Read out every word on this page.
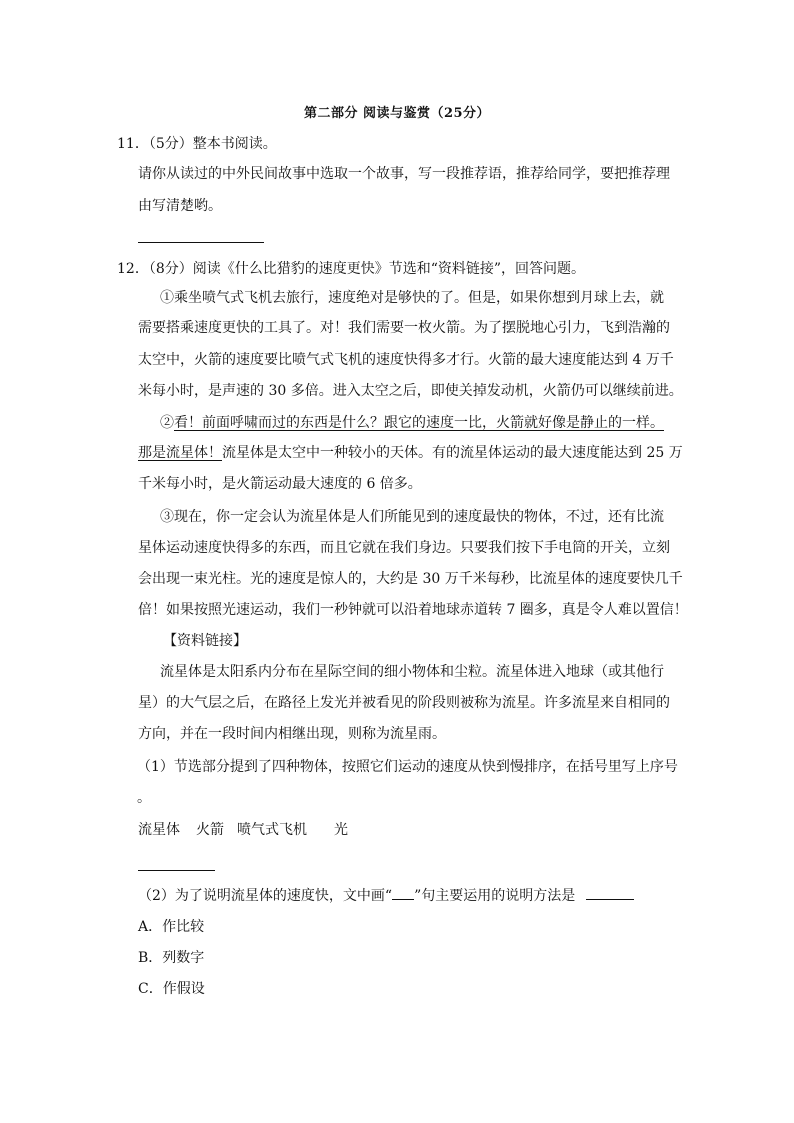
第二部分 阅读与鉴赏（25分）
11．（5分）整本书阅读。
请你从读过的中外民间故事中选取一个故事，写一段推荐语，推荐给同学，要把推荐理
由写清楚哟。
12．（8分）阅读《什么比猎豹的速度更快》节选和“资料链接”，回答问题。
①乘坐喷气式飞机去旅行，速度绝对是够快的了。但是，如果你想到月球上去，就
需要搭乘速度更快的工具了。对！我们需要一枚火箭。为了摆脱地心引力，飞到浩瀚的
太空中，火箭的速度要比喷气式飞机的速度快得多才行。火箭的最大速度能达到 4 万千
米每小时，是声速的 30 多倍。进入太空之后，即使关掉发动机，火箭仍可以继续前进。
②看！前面呼啸而过的东西是什么？跟它的速度一比，火箭就好像是静止的一样。
那是流星体！流星体是太空中一种较小的天体。有的流星体运动的最大速度能达到 25 万
千米每小时，是火箭运动最大速度的 6 倍多。
③现在，你一定会认为流星体是人们所能见到的速度最快的物体，不过，还有比流
星体运动速度快得多的东西，而且它就在我们身边。只要我们按下手电筒的开关，立刻
会出现一束光柱。光的速度是惊人的，大约是 30 万千米每秒，比流星体的速度要快几千
倍！如果按照光速运动，我们一秒钟就可以沿着地球赤道转 7 圈多，真是令人难以置信！
【资料链接】
流星体是太阳系内分布在星际空间的细小物体和尘粒。流星体进入地球（或其他行
星）的大气层之后，在路径上发光并被看见的阶段则被称为流星。许多流星来自相同的
方向，并在一段时间内相继出现，则称为流星雨。
（1）节选部分提到了四种物体，按照它们运动的速度从快到慢排序，在括号里写上序号
。
流星体 火箭 喷气式飞机 光
（2）为了说明流星体的速度快，文中画“ ”句主要运用的说明方法是
A．作比较
B．列数字
C．作假设
